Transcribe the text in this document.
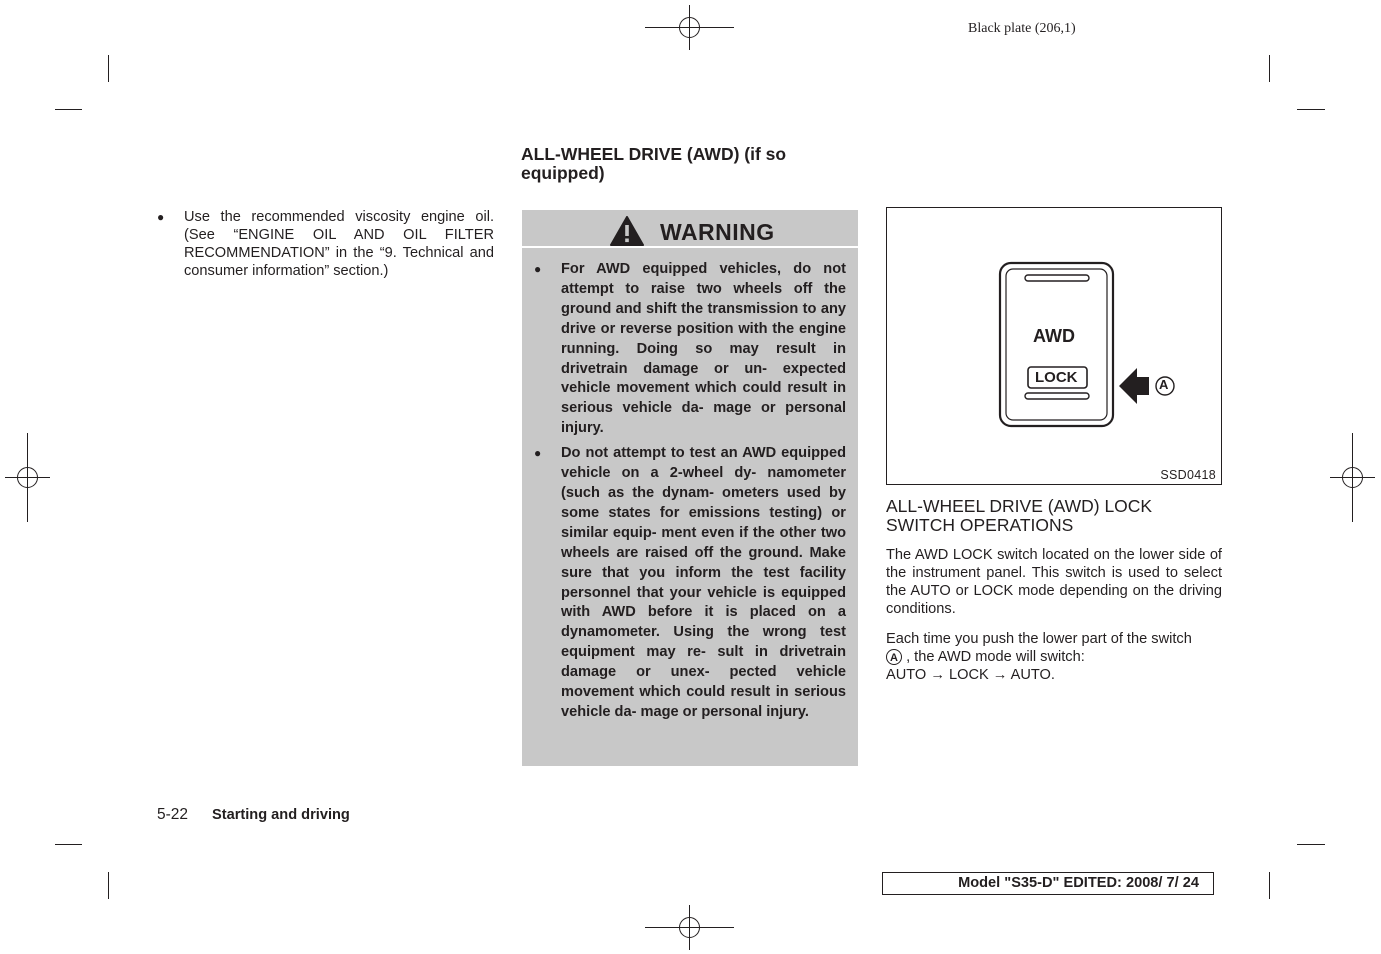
Black plate (206,1)
●	Use the recommended viscosity engine oil. (See “ENGINE OIL AND OIL FILTER RECOMMENDATION” in the “9. Technical and consumer information” section.)
ALL-WHEEL DRIVE (AWD) (if so equipped)
WARNING
●	For AWD equipped vehicles, do not attempt to raise two wheels off the ground and shift the transmission to any drive or reverse position with the engine running. Doing so may result in drivetrain damage or un- expected vehicle movement which could result in serious vehicle da- mage or personal injury.
●	Do not attempt to test an AWD equipped vehicle on a 2-wheel dy- namometer (such as the dynam- ometers used by some states for emissions testing) or similar equip- ment even if the other two wheels are raised off the ground. Make sure that you inform the test facility personnel that your vehicle is equipped with AWD before it is placed on a dynamometer. Using the wrong test equipment may re- sult in drivetrain damage or unex- pected vehicle movement which could result in serious vehicle da- mage or personal injury.
AWD
LOCK	A
SSD0418
ALL-WHEEL DRIVE (AWD) LOCK SWITCH OPERATIONS
The AWD LOCK switch located on the lower side of the instrument panel. This switch is used to select the AUTO or LOCK mode depending on the driving conditions.
Each time you push the lower part of the switch
A , the AWD mode will switch:
AUTO → LOCK → AUTO.
5-22 Starting and driving
Model "S35-D" EDITED: 2008/ 7/ 24
